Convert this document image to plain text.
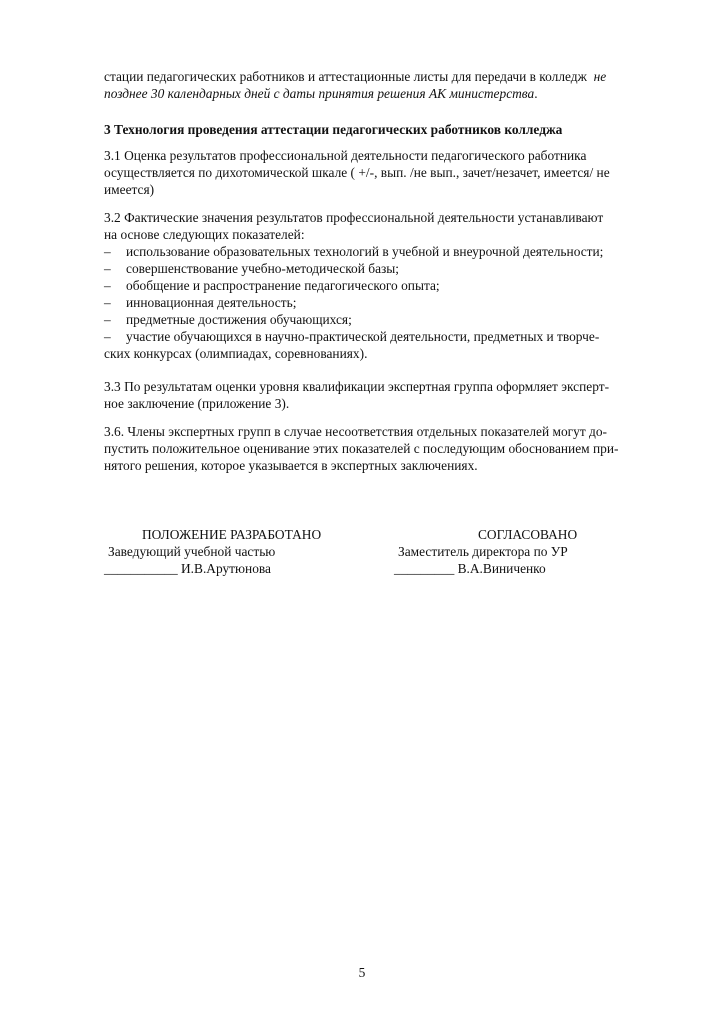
стации педагогических работников и аттестационные листы для передачи в колледж не
позднее 30 календарных дней с даты принятия решения АК министерства.
3 Технология проведения аттестации педагогических работников колледжа
3.1 Оценка результатов профессиональной деятельности педагогического работника
осуществляется по дихотомической шкале ( +/-, вып. /не вып., зачет/незачет, имеется/ не
имеется)
3.2 Фактические значения результатов профессиональной деятельности устанавливают
на основе следующих показателей:
– использование образовательных технологий в учебной и внеурочной деятельности;
– совершенствование учебно-методической базы;
– обобщение и распространение педагогического опыта;
– инновационная деятельность;
– предметные достижения обучающихся;
– участие обучающихся в научно-практической деятельности, предметных и творче-
ских конкурсах (олимпиадах, соревнованиях).
3.3 По результатам оценки уровня квалификации экспертная группа оформляет эксперт-
ное заключение (приложение 3).
3.6. Члены экспертных групп в случае несоответствия отдельных показателей могут до-
пустить положительное оценивание этих показателей с последующим обоснованием при-
нятого решения, которое указывается в экспертных заключениях.
ПОЛОЖЕНИЕ РАЗРАБОТАНО
Заведующий учебной частью
___________ И.В.Арутюнова
СОГЛАСОВАНО
Заместитель директора по УР
_________ В.А.Виниченко
5
